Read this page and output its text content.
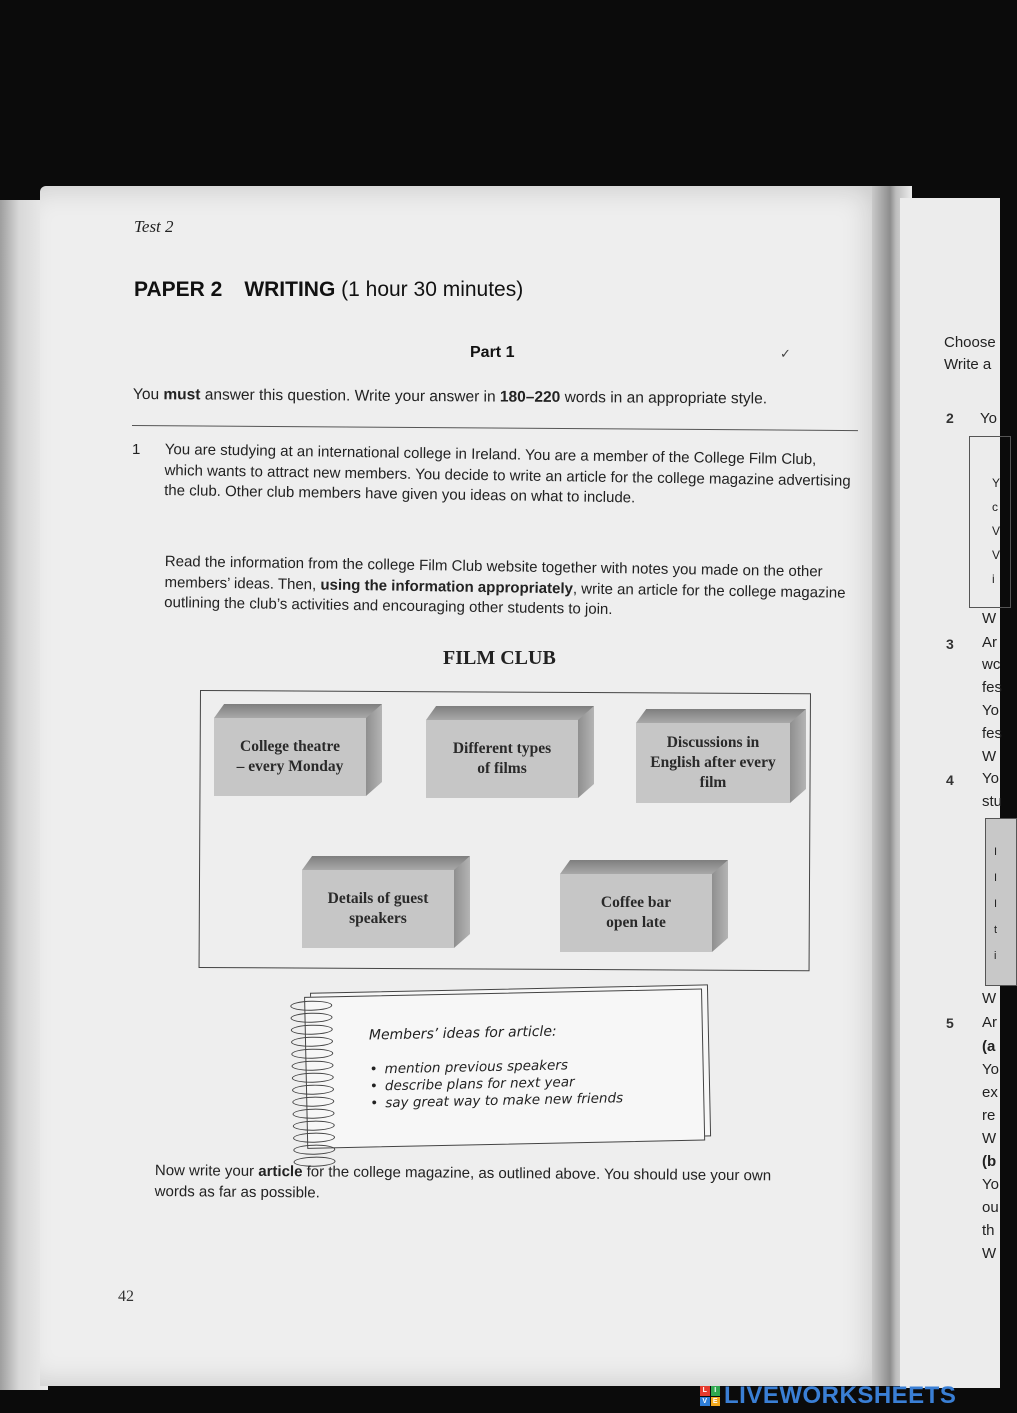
Test 2
PAPER 2 WRITING (1 hour 30 minutes)
Part 1	✓
You must answer this question. Write your answer in 180–220 words in an appropriate style.
1 You are studying at an international college in Ireland. You are a member of the College Film Club, which wants to attract new members. You decide to write an article for the college magazine advertising the club. Other club members have given you ideas on what to include.
Read the information from the college Film Club website together with notes you made on the other members’ ideas. Then, using the information appropriately, write an article for the college magazine outlining the club’s activities and encouraging other students to join.
FILM CLUB
College theatre – every Monday
Different types of films
Discussions in English after every film
Details of guest speakers
Coffee bar open late
Members’ ideas for article:
• mention previous speakers
• describe plans for next year
• say great way to make new friends
Now write your article for the college magazine, as outlined above. You should use your own words as far as possible.
42
Choose
Write a
2 Yo
Y
c
V
V
i
W
3 Ar
wc
fes
Yo
fes
W
4 Yo
stu
I
I
I
t
i
W
5 Ar
(a
Yo
ex
re
W
(b
Yo
ou
th
W
L	I
V E LIVEWORKSHEETS
